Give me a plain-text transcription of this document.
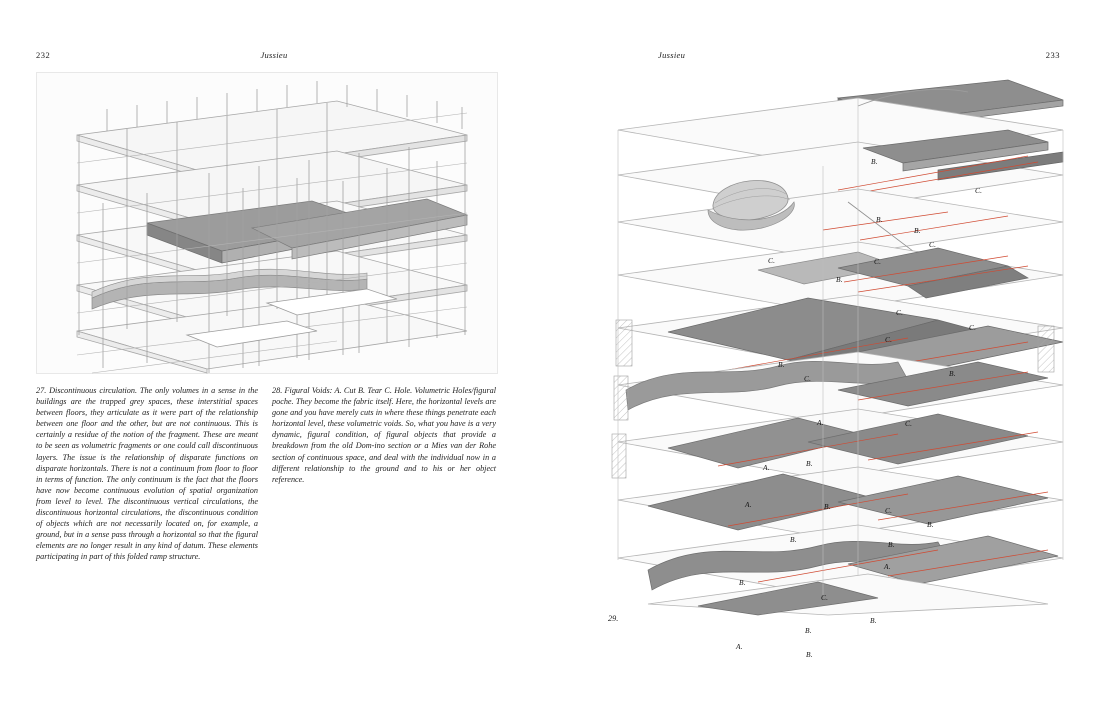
232	Jussieu
27. Discontinuous circulation. The only volumes in a sense in the buildings are the trapped grey spaces, these interstitial spaces between floors, they articulate as it were part of the relationship between one floor and the other, but are not continuous. This is certainly a residue of the notion of the fragment. These are meant to be seen as volumetric fragments or one could call discontinuous layers. The issue is the relationship of disparate functions on disparate horizontals. There is not a continuum from floor to floor in terms of function. The only continuum is the fact that the floors have now become continuous evolution of spatial organization from level to level. The discontinuous vertical circulations, the discontinuous horizontal circulations, the discontinuous condition of objects which are not necessarily located on, for example, a ground, but in a sense pass through a horizontal so that the figural elements are no longer result in any kind of datum. These elements participating in part of this folded ramp structure.
28. Figural Voids: A. Cut B. Tear C. Hole. Volumetric Holes/figural poche. They become the fabric itself. Here, the horizontal levels are gone and you have merely cuts in where these things penetrate each horizontal level, these volumetric voids. So, what you have is a very dynamic, figural condition, of figural objects that provide a breakdown from the old Dom-ino section or a Mies van der Rohe section of continuous space, and deal with the individual now in a different relationship to the ground and to his or her object reference.
Jussieu	233
B.
C.
B.
B.
C.
C.
C.
B.
C.
C.
C.
B.
C.
B.
A.	C.
A.	B.
A.	B.	C.
B.
B.
B.
A.
B.
C.
B.
B.
A.
B.
29.
